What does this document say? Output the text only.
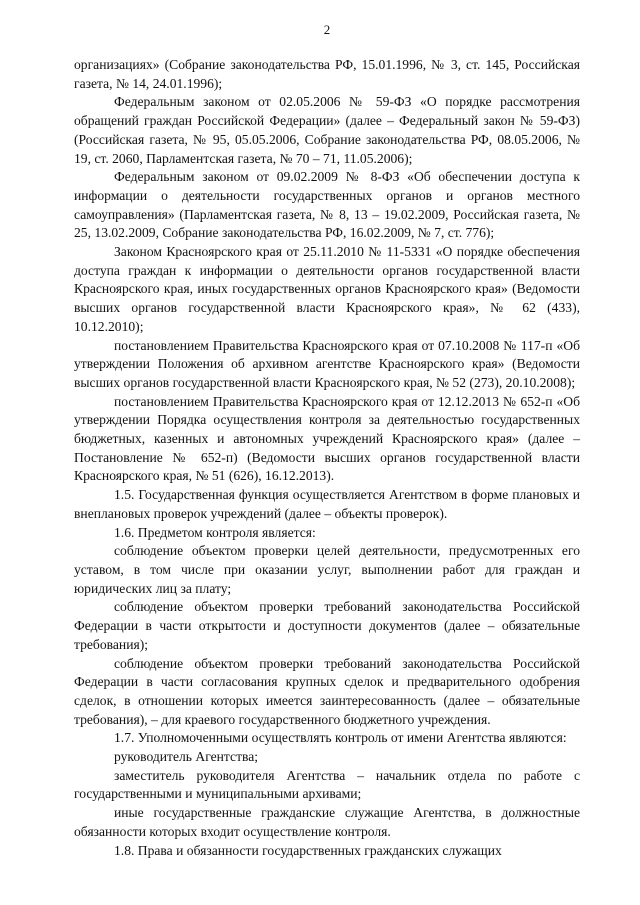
2

организациях» (Собрание законодательства РФ, 15.01.1996, № 3, ст. 145, Российская газета, № 14, 24.01.1996);

Федеральным законом от 02.05.2006 № 59-ФЗ «О порядке рассмотрения обращений граждан Российской Федерации» (далее – Федеральный закон № 59-ФЗ) (Российская газета, № 95, 05.05.2006, Собрание законодательства РФ, 08.05.2006, № 19, ст. 2060, Парламентская газета, № 70 – 71, 11.05.2006);

Федеральным законом от 09.02.2009 № 8-ФЗ «Об обеспечении доступа к информации о деятельности государственных органов и органов местного самоуправления» (Парламентская газета, № 8, 13 – 19.02.2009, Российская газета, № 25, 13.02.2009, Собрание законодательства РФ, 16.02.2009, № 7, ст. 776);

Законом Красноярского края от 25.11.2010 № 11-5331 «О порядке обеспечения доступа граждан к информации о деятельности органов государственной власти Красноярского края, иных государственных органов Красноярского края» (Ведомости высших органов государственной власти Красноярского края», № 62 (433), 10.12.2010);

постановлением Правительства Красноярского края от 07.10.2008 № 117-п «Об утверждении Положения об архивном агентстве Красноярского края» (Ведомости высших органов государственной власти Красноярского края, № 52 (273), 20.10.2008);

постановлением Правительства Красноярского края от 12.12.2013 № 652-п «Об утверждении Порядка осуществления контроля за деятельностью государственных бюджетных, казенных и автономных учреждений Красноярского края» (далее – Постановление № 652-п) (Ведомости высших органов государственной власти Красноярского края, № 51 (626), 16.12.2013).

1.5. Государственная функция осуществляется Агентством в форме плановых и внеплановых проверок учреждений (далее – объекты проверок).

1.6. Предметом контроля является:

соблюдение объектом проверки целей деятельности, предусмотренных его уставом, в том числе при оказании услуг, выполнении работ для граждан и юридических лиц за плату;

соблюдение объектом проверки требований законодательства Российской Федерации в части открытости и доступности документов (далее – обязательные требования);

соблюдение объектом проверки требований законодательства Российской Федерации в части согласования крупных сделок и предварительного одобрения сделок, в отношении которых имеется заинтересованность (далее – обязательные требования), – для краевого государственного бюджетного учреждения.

1.7. Уполномоченными осуществлять контроль от имени Агентства являются:

руководитель Агентства;

заместитель руководителя Агентства – начальник отдела по работе с государственными и муниципальными архивами;

иные государственные гражданские служащие Агентства, в должностные обязанности которых входит осуществление контроля.

1.8. Права и обязанности государственных гражданских служащих
